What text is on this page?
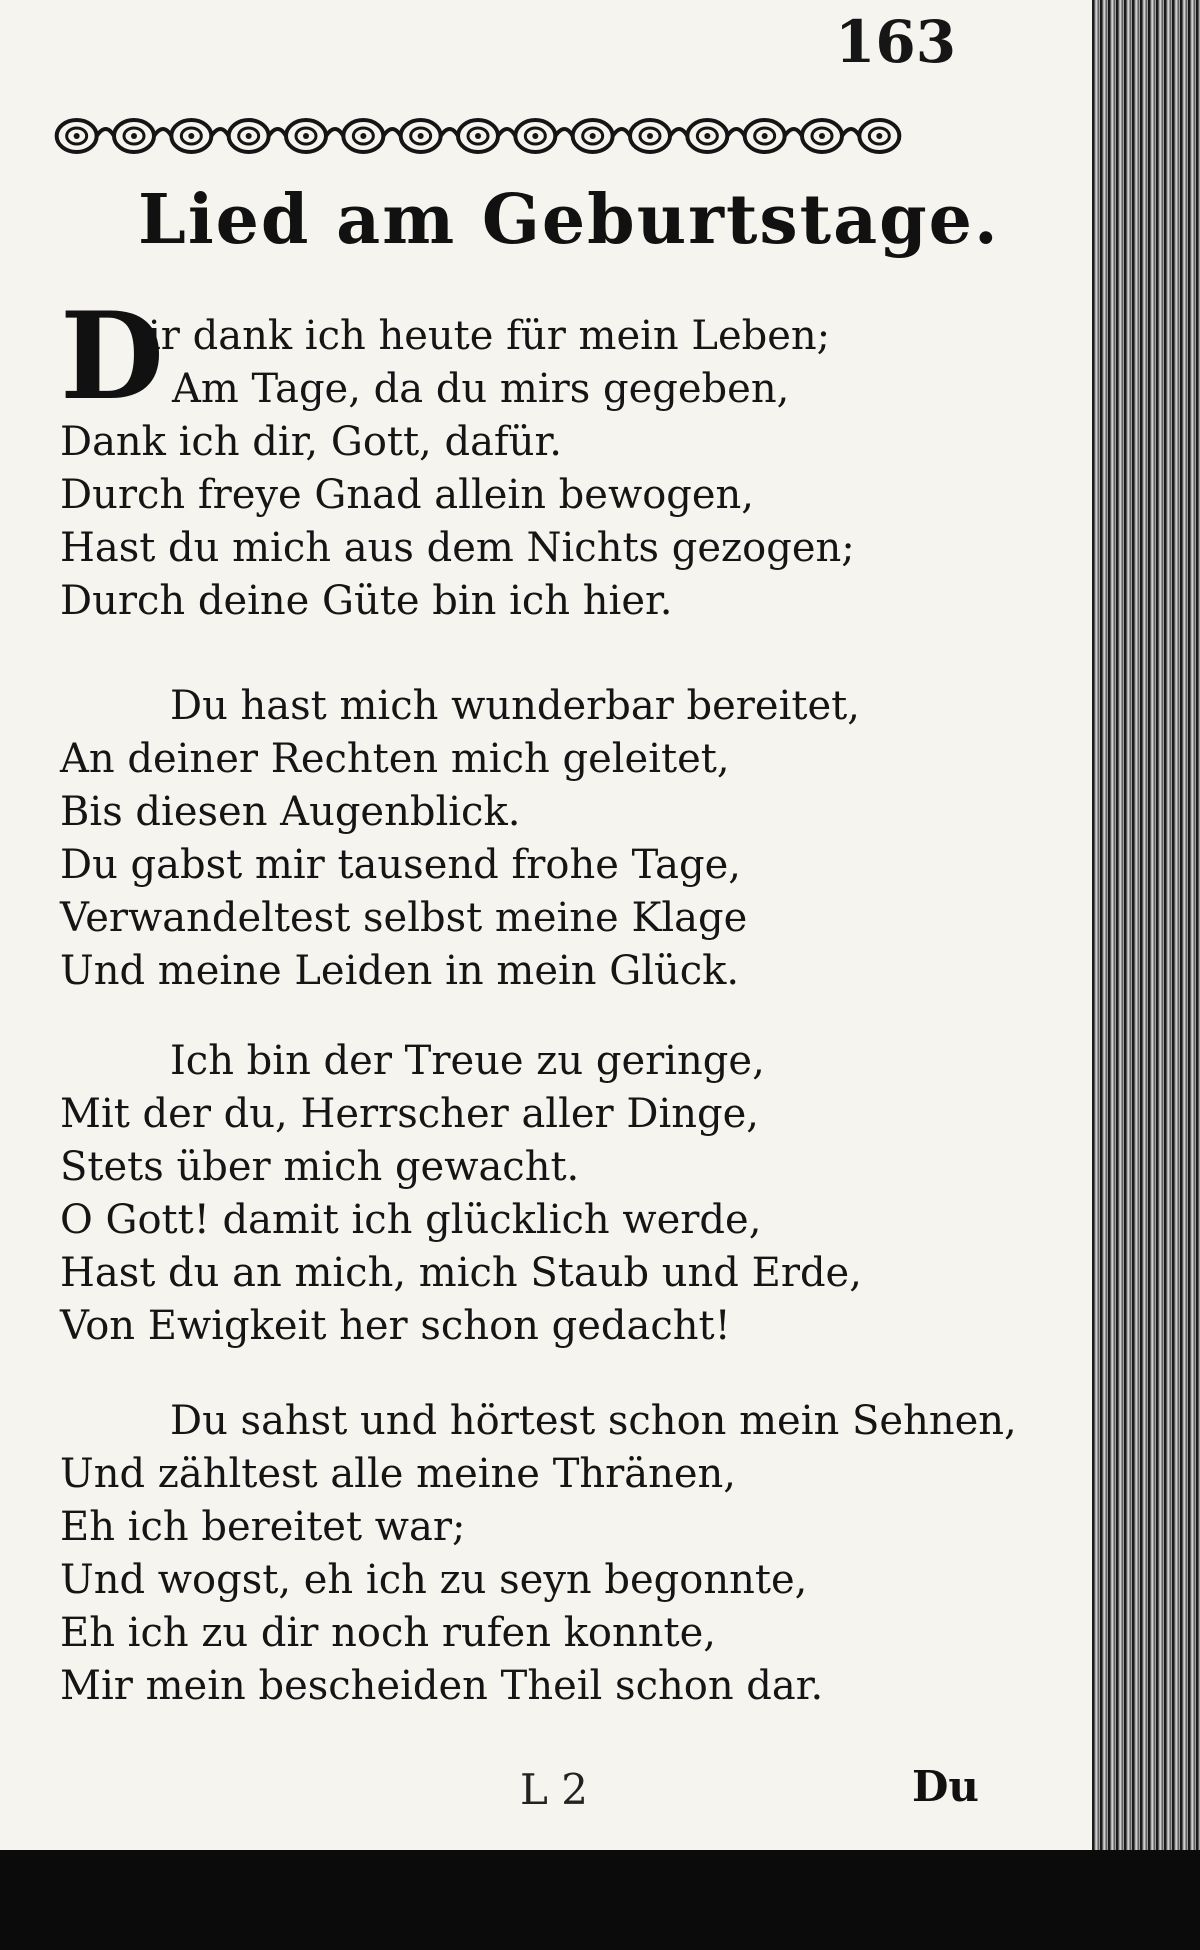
163
Lied am Geburtstage.
D
ir dank ich heute für mein Leben;
Am Tage, da du mirs gegeben,
Dank ich dir, Gott, dafür.
Durch freye Gnad allein bewogen,
Hast du mich aus dem Nichts gezogen;
Durch deine Güte bin ich hier.
Du hast mich wunderbar bereitet,
An deiner Rechten mich geleitet,
Bis diesen Augenblick.
Du gabst mir tausend frohe Tage,
Verwandeltest selbst meine Klage
Und meine Leiden in mein Glück.
Ich bin der Treue zu geringe,
Mit der du, Herrscher aller Dinge,
Stets über mich gewacht.
O Gott! damit ich glücklich werde,
Hast du an mich, mich Staub und Erde,
Von Ewigkeit her schon gedacht!
Du sahst und hörtest schon mein Sehnen,
Und zähltest alle meine Thränen,
Eh ich bereitet war;
Und wogst, eh ich zu seyn begonnte,
Eh ich zu dir noch rufen konnte,
Mir mein bescheiden Theil schon dar.
L 2	Du
